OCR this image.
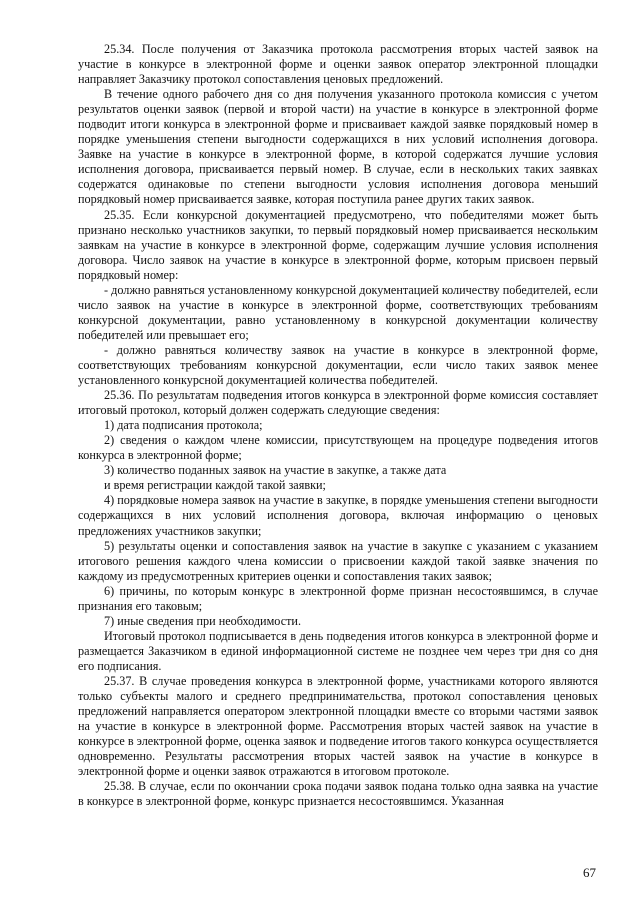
25.34. После получения от Заказчика протокола рассмотрения вторых частей заявок на участие в конкурсе в электронной форме и оценки заявок оператор электронной площадки направляет Заказчику протокол сопоставления ценовых предложений.

В течение одного рабочего дня со дня получения указанного протокола комиссия с учетом результатов оценки заявок (первой и второй части) на участие в конкурсе в электронной форме подводит итоги конкурса в электронной форме и присваивает каждой заявке порядковый номер в порядке уменьшения степени выгодности содержащихся в них условий исполнения договора. Заявке на участие в конкурсе в электронной форме, в которой содержатся лучшие условия исполнения договора, присваивается первый номер. В случае, если в нескольких таких заявках содержатся одинаковые по степени выгодности условия исполнения договора меньший порядковый номер присваивается заявке, которая поступила ранее других таких заявок.

25.35. Если конкурсной документацией предусмотрено, что победителями может быть признано несколько участников закупки, то первый порядковый номер присваивается нескольким заявкам на участие в конкурсе в электронной форме, содержащим лучшие условия исполнения договора. Число заявок на участие в конкурсе в электронной форме, которым присвоен первый порядковый номер:

- должно равняться установленному конкурсной документацией количеству победителей, если число заявок на участие в конкурсе в электронной форме, соответствующих требованиям конкурсной документации, равно установленному в конкурсной документации количеству победителей или превышает его;

- должно равняться количеству заявок на участие в конкурсе в электронной форме, соответствующих требованиям конкурсной документации, если число таких заявок менее установленного конкурсной документацией количества победителей.

25.36. По результатам подведения итогов конкурса в электронной форме комиссия составляет итоговый протокол, который должен содержать следующие сведения:

1) дата подписания протокола;

2) сведения о каждом члене комиссии, присутствующем на процедуре подведения итогов конкурса в электронной форме;

3) количество поданных заявок на участие в закупке, а также дата

и время регистрации каждой такой заявки;

4) порядковые номера заявок на участие в закупке, в порядке уменьшения степени выгодности содержащихся в них условий исполнения договора, включая информацию о ценовых предложениях участников закупки;

5) результаты оценки и сопоставления заявок на участие в закупке с указанием с указанием итогового решения каждого члена комиссии о присвоении каждой такой заявке значения по каждому из предусмотренных критериев оценки и сопоставления таких заявок;

6) причины, по которым конкурс в электронной форме признан несостоявшимся, в случае признания его таковым;

7) иные сведения при необходимости.

Итоговый протокол подписывается в день подведения итогов конкурса в электронной форме и размещается Заказчиком в единой информационной системе не позднее чем через три дня со дня его подписания.

25.37. В случае проведения конкурса в электронной форме, участниками которого являются только субъекты малого и среднего предпринимательства, протокол сопоставления ценовых предложений направляется оператором электронной площадки вместе со вторыми частями заявок на участие в конкурсе в электронной форме. Рассмотрения вторых частей заявок на участие в конкурсе в электронной форме, оценка заявок и подведение итогов такого конкурса осуществляется одновременно. Результаты рассмотрения вторых частей заявок на участие в конкурсе в электронной форме и оценки заявок отражаются в итоговом протоколе.

25.38. В случае, если по окончании срока подачи заявок подана только одна заявка на участие в конкурсе в электронной форме, конкурс признается несостоявшимся. Указанная

67
